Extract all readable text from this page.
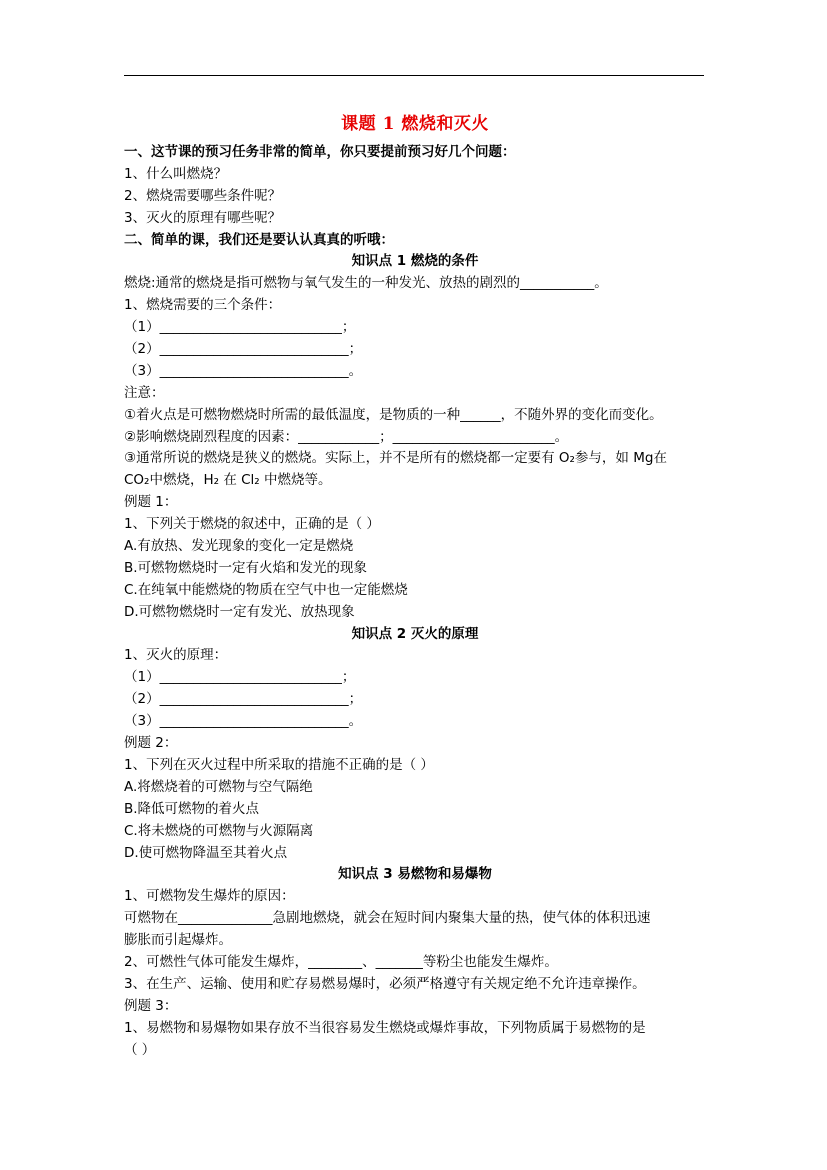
课题 1 燃烧和灭火
一、这节课的预习任务非常的简单，你只要提前预习好几个问题：
1、什么叫燃烧？
2、燃烧需要哪些条件呢？
3、灭火的原理有哪些呢？
二、简单的课，我们还是要认认真真的听哦：
知识点 1 燃烧的条件
燃烧:通常的燃烧是指可燃物与氧气发生的一种发光、放热的剧烈的___________。
1、燃烧需要的三个条件：
（1）___________________________；
（2）____________________________；
（3）____________________________。
注意：
①着火点是可燃物燃烧时所需的最低温度，是物质的一种______，不随外界的变化而变化。
②影响燃烧剧烈程度的因素：____________；________________________。
③通常所说的燃烧是狭义的燃烧。实际上，并不是所有的燃烧都一定要有 O₂参与，如 Mg在
CO₂中燃烧，H₂ 在 Cl₂ 中燃烧等。
例题 1：
1、下列关于燃烧的叙述中，正确的是（ ）
A.有放热、发光现象的变化一定是燃烧
B.可燃物燃烧时一定有火焰和发光的现象
C.在纯氧中能燃烧的物质在空气中也一定能燃烧
D.可燃物燃烧时一定有发光、放热现象
知识点 2 灭火的原理
1、灭火的原理：
（1）___________________________；
（2）____________________________；
（3）____________________________。
例题 2：
1、下列在灭火过程中所采取的措施不正确的是（ ）
A.将燃烧着的可燃物与空气隔绝
B.降低可燃物的着火点
C.将未燃烧的可燃物与火源隔离
D.使可燃物降温至其着火点
知识点 3 易燃物和易爆物
1、可燃物发生爆炸的原因：
可燃物在______________急剧地燃烧，就会在短时间内聚集大量的热，使气体的体积迅速
膨胀而引起爆炸。
2、可燃性气体可能发生爆炸，________、_______等粉尘也能发生爆炸。
3、在生产、运输、使用和贮存易燃易爆时，必须严格遵守有关规定绝不允许违章操作。
例题 3：
1、易燃物和易爆物如果存放不当很容易发生燃烧或爆炸事故，下列物质属于易燃物的是
（ ）
